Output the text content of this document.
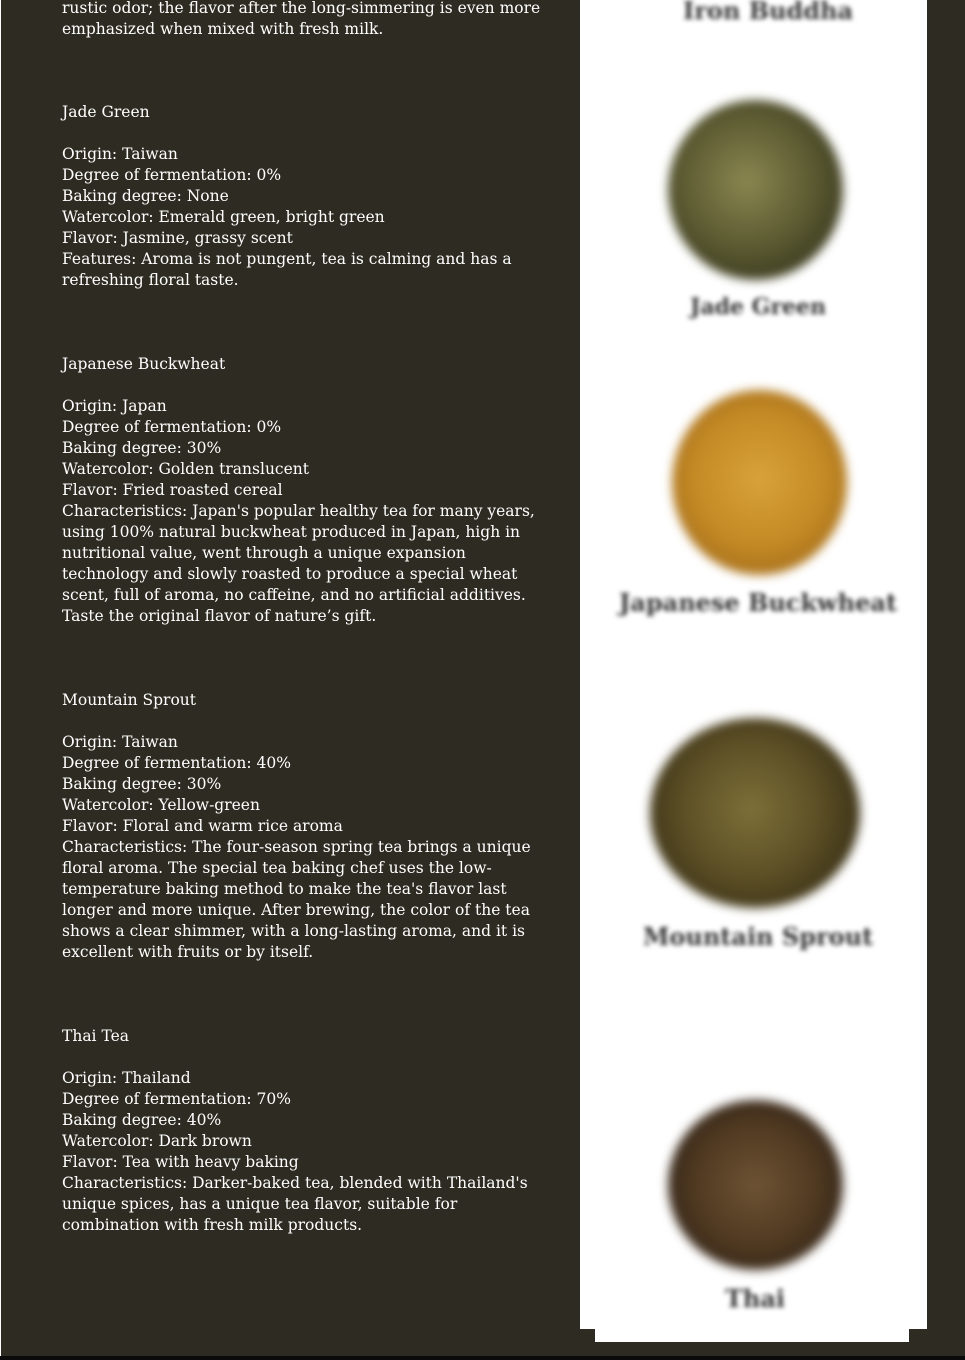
rustic odor; the flavor after the long-simmering is even more
emphasized when mixed with fresh milk.
Jade Green
Origin: Taiwan
Degree of fermentation: 0%
Baking degree: None
Watercolor: Emerald green, bright green
Flavor: Jasmine, grassy scent
Features: Aroma is not pungent, tea is calming and has a refreshing floral taste.
Japanese Buckwheat
Origin: Japan
Degree of fermentation: 0%
Baking degree: 30%
Watercolor: Golden translucent
Flavor: Fried roasted cereal
Characteristics: Japan's popular healthy tea for many years, using 100% natural buckwheat produced in Japan, high in nutritional value, went through a unique expansion technology and slowly roasted to produce a special wheat scent, full of aroma, no caffeine, and no artificial additives. Taste the original flavor of nature’s gift.
Mountain Sprout
Origin: Taiwan
Degree of fermentation: 40%
Baking degree: 30%
Watercolor: Yellow-green
Flavor: Floral and warm rice aroma
Characteristics: The four-season spring tea brings a unique floral aroma. The special tea baking chef uses the low-temperature baking method to make the tea's flavor last longer and more unique. After brewing, the color of the tea shows a clear shimmer, with a long-lasting aroma, and it is excellent with fruits or by itself.
Thai Tea
Origin: Thailand
Degree of fermentation: 70%
Baking degree: 40%
Watercolor: Dark brown
Flavor: Tea with heavy baking
Characteristics: Darker-baked tea, blended with Thailand's unique spices, has a unique tea flavor, suitable for combination with fresh milk products.
Iron Buddha
Jade Green
Japanese Buckwheat
Mountain Sprout
Thai
